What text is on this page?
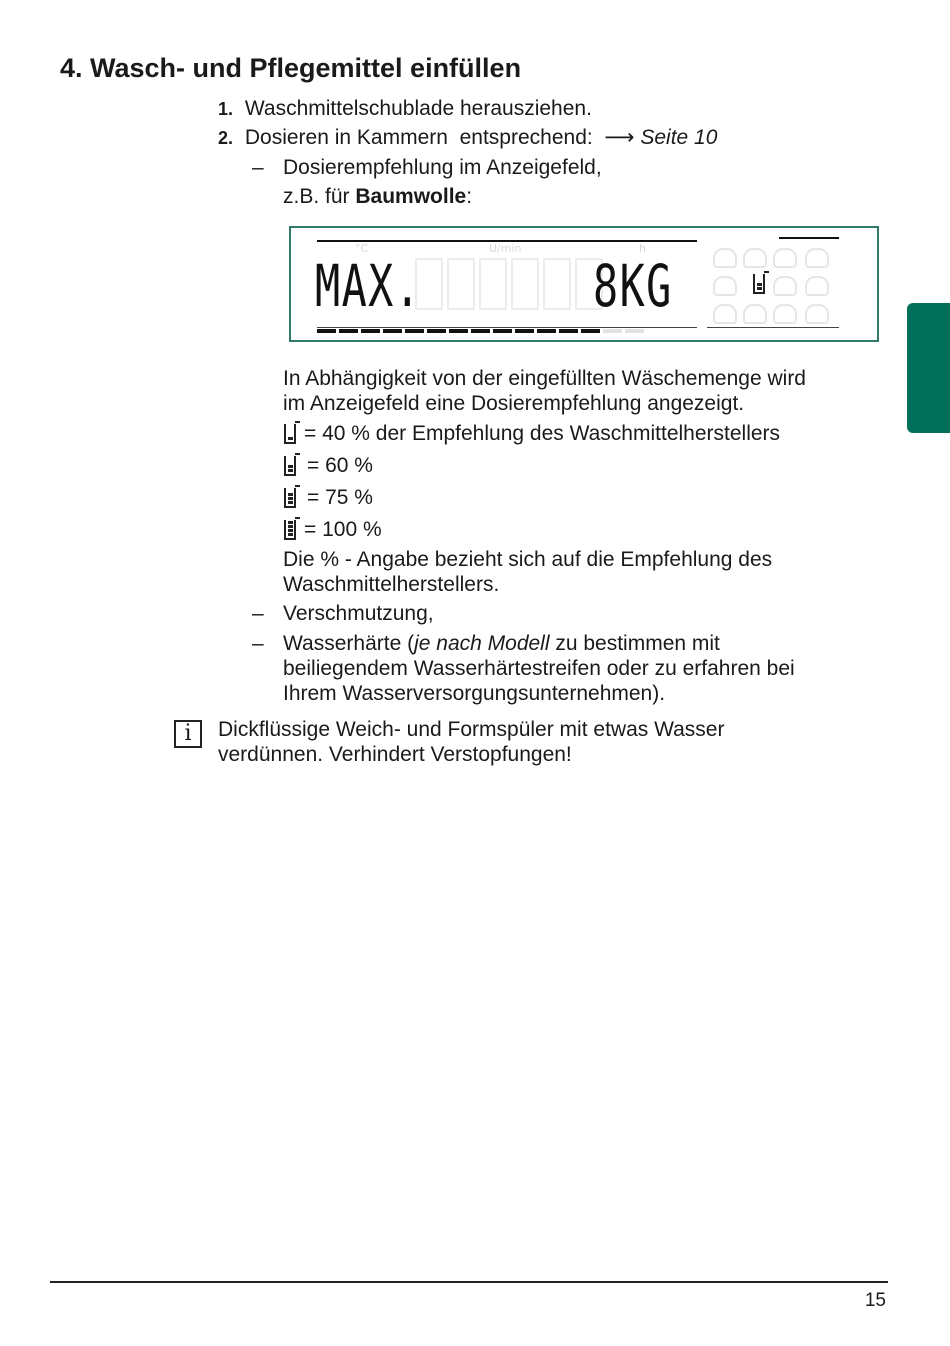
4. Wasch- und Pflegemittel einfüllen
1. Waschmittelschublade herausziehen.
2. Dosieren in Kammern  entsprechend:  ⟶ Seite 10
– Dosierempfehlung im Anzeigefeld,
z.B. für Baumwolle:
°C	U/min	h
MAX.	8KG
In Abhängigkeit von der eingefüllten Wäschemenge wird
im Anzeigefeld eine Dosierempfehlung angezeigt.
= 40 % der Empfehlung des Waschmittelherstellers
= 60 %
= 75 %
= 100 %
Die % - Angabe bezieht sich auf die Empfehlung des
Waschmittelherstellers.
– Verschmutzung,
– Wasserhärte (je nach Modell zu bestimmen mit
beiliegendem Wasserhärtestreifen oder zu erfahren bei
Ihrem Wasserversorgungsunternehmen).
i	Dickflüssige Weich- und Formspüler mit etwas Wasser
verdünnen. Verhindert Verstopfungen!
15
